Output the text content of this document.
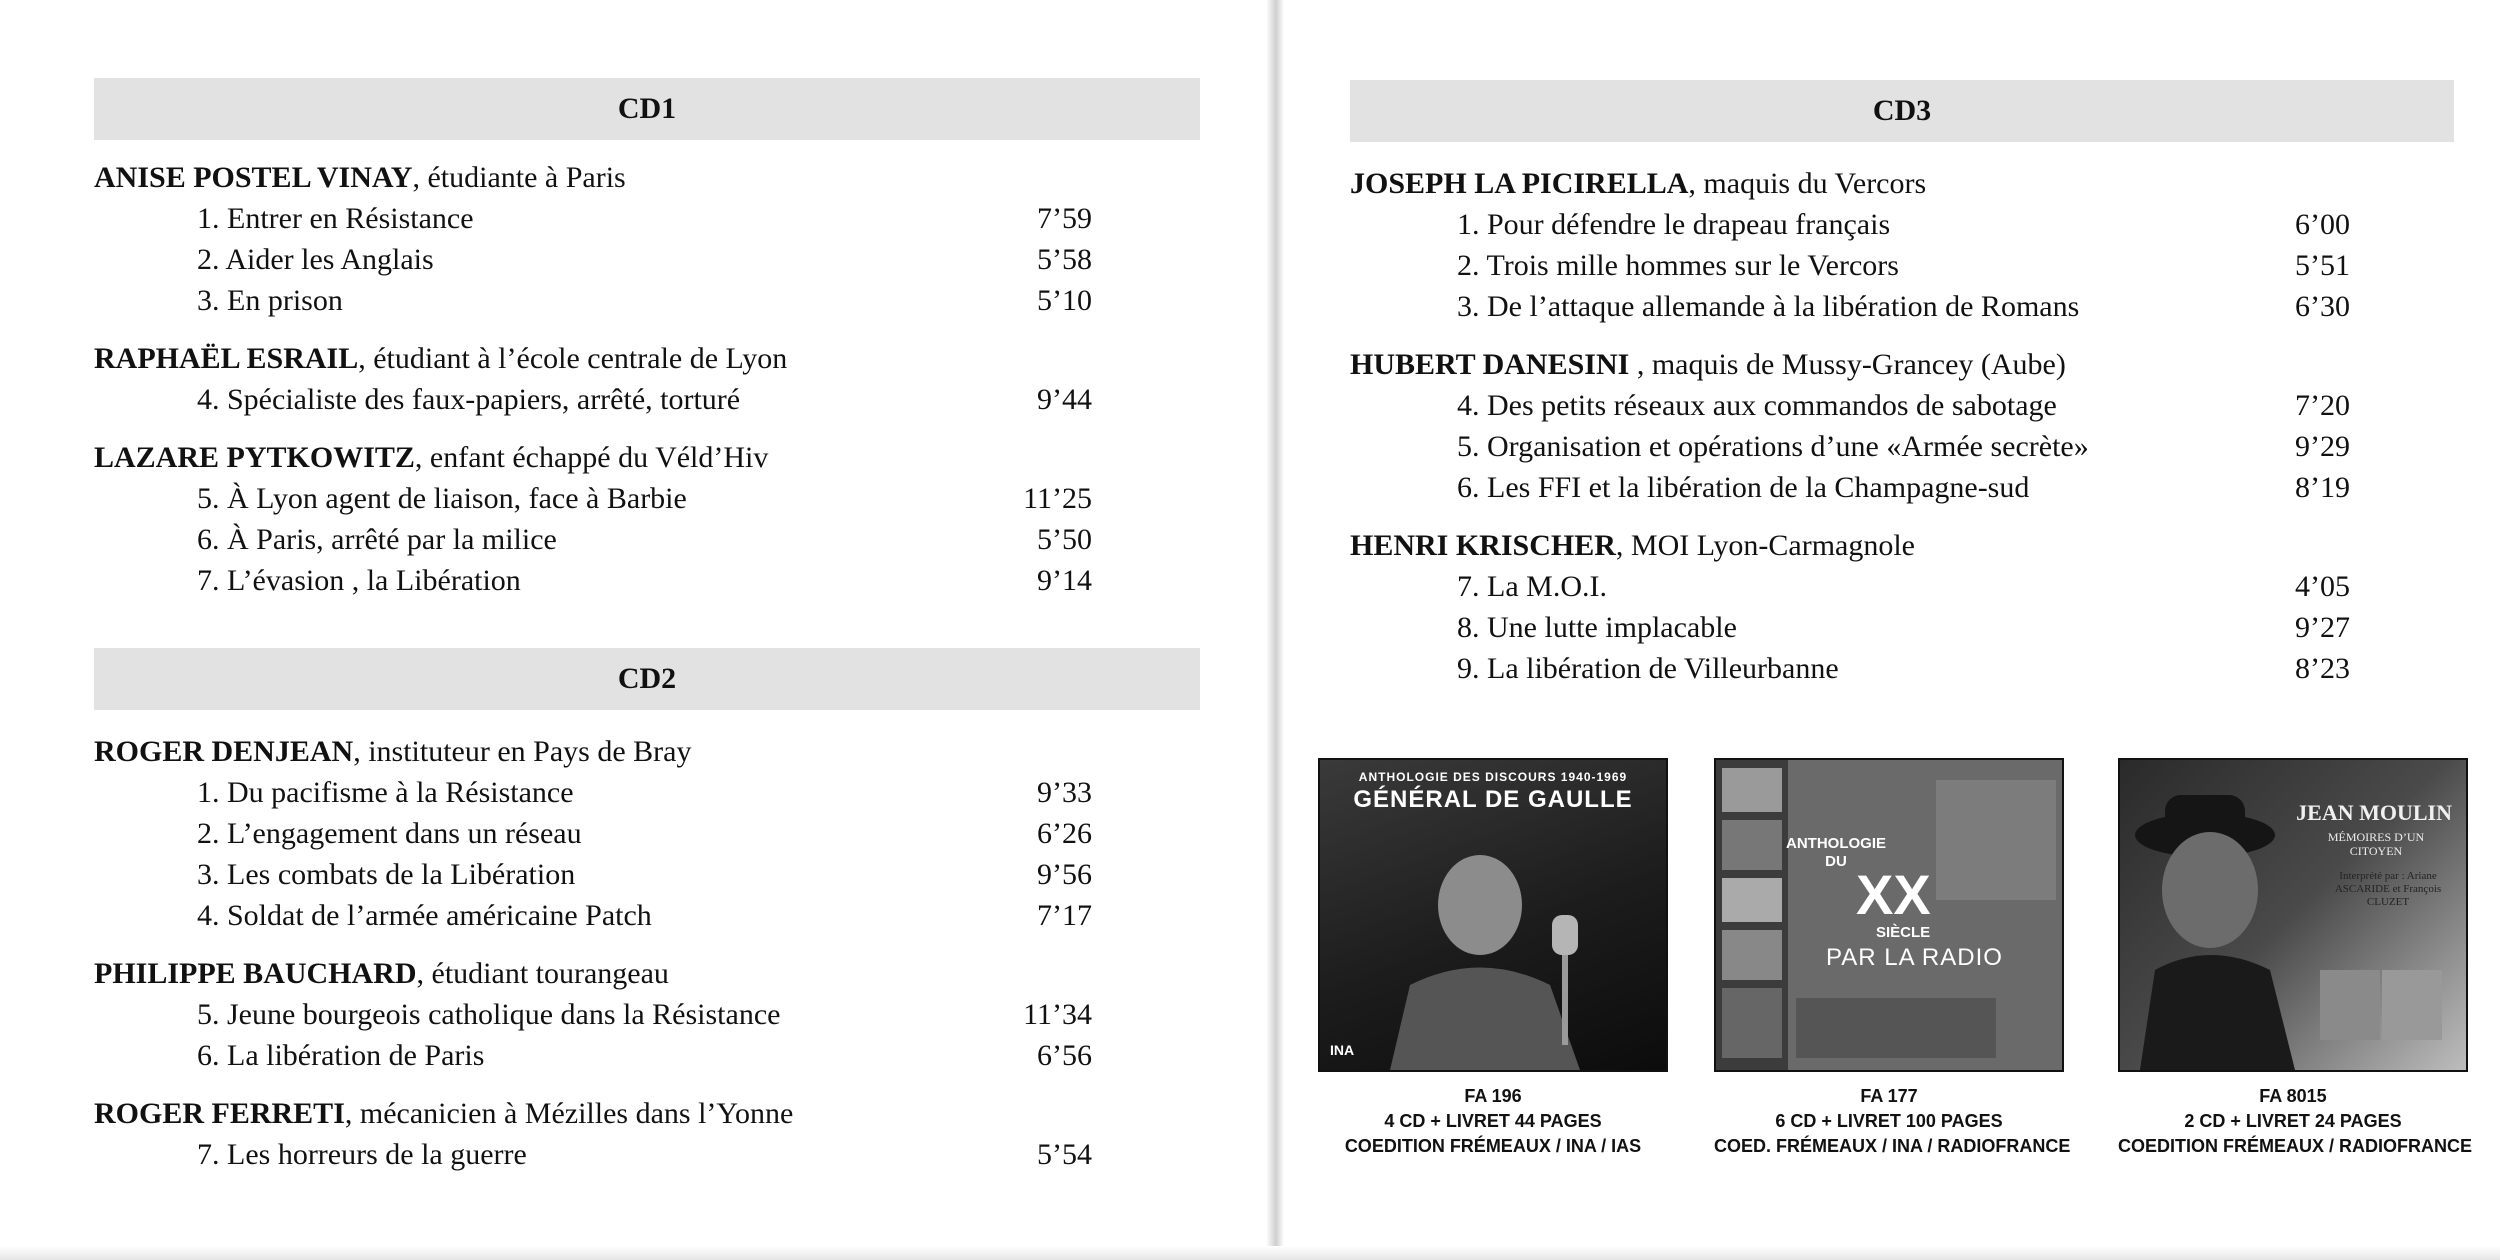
CD1
ANISE POSTEL VINAY, étudiante à Paris
1. Entrer en Résistance	7’59
2. Aider les Anglais	5’58
3. En prison	5’10
RAPHAËL ESRAIL, étudiant à l’école centrale de Lyon
4. Spécialiste des faux-papiers, arrêté, torturé	9’44
LAZARE PYTKOWITZ, enfant échappé du Véld’Hiv
5. À Lyon agent de liaison, face à Barbie	11’25
6. À Paris, arrêté par la milice	5’50
7. L’évasion , la Libération	9’14
CD2
ROGER DENJEAN, instituteur en Pays de Bray
1. Du pacifisme à la Résistance	9’33
2. L’engagement dans un réseau	6’26
3. Les combats de la Libération	9’56
4. Soldat de l’armée américaine Patch	7’17
PHILIPPE BAUCHARD, étudiant tourangeau
5. Jeune bourgeois catholique dans la Résistance	11’34
6. La libération de Paris	6’56
ROGER FERRETI, mécanicien à Mézilles dans l’Yonne
7. Les horreurs de la guerre	5’54
CD3
JOSEPH LA PICIRELLA, maquis du Vercors
1. Pour défendre le drapeau français	6’00
2. Trois mille hommes sur le Vercors	5’51
3. De l’attaque allemande à la libération de Romans	6’30
HUBERT DANESINI , maquis de Mussy-Grancey (Aube)
4. Des petits réseaux aux commandos de sabotage	7’20
5. Organisation et opérations d’une «Armée secrète»	9’29
6. Les FFI et la libération de la Champagne-sud	8’19
HENRI KRISCHER, MOI Lyon-Carmagnole
7. La M.O.I.	4’05
8. Une lutte implacable	9’27
9. La libération de Villeurbanne	8’23
ANTHOLOGIE DES DISCOURS 1940-1969
GÉNÉRAL DE GAULLE
INA
FA 196
4 CD + LIVRET 44 PAGES
COEDITION FRÉMEAUX / INA / IAS
ANTHOLOGIE DU
XX
SIÈCLE
PAR LA RADIO
FA 177
6 CD + LIVRET 100 PAGES
COED. FRÉMEAUX / INA / RADIOFRANCE
JEAN MOULIN
MÉMOIRES D’UN CITOYEN
Interprété par : Ariane ASCARIDE et François CLUZET
FA 8015
2 CD + LIVRET 24 PAGES
COEDITION FRÉMEAUX / RADIOFRANCE
